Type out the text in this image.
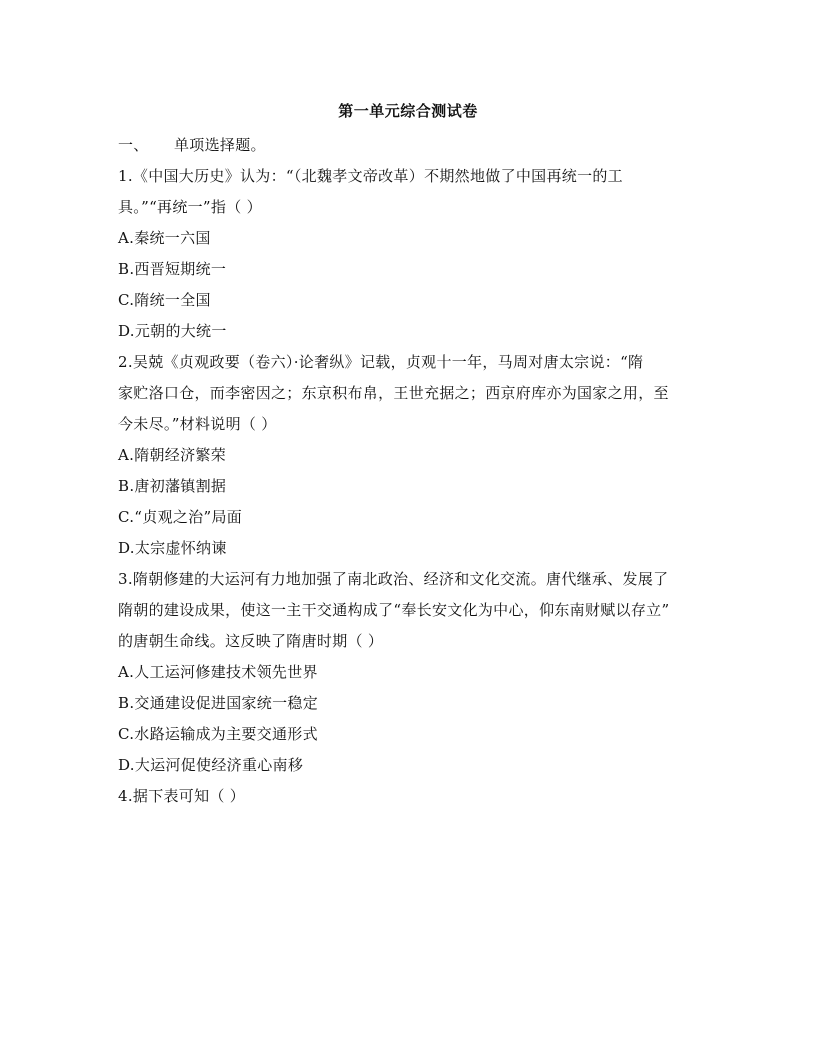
第一单元综合测试卷
一、 单项选择题。
1.《中国大历史》认为：“（北魏孝文帝改革）不期然地做了中国再统一的工
具。”“再统一”指（ ）
A.秦统一六国
B.西晋短期统一
C.隋统一全国
D.元朝的大统一
2.吴兢《贞观政要（卷六）·论奢纵》记载，贞观十一年，马周对唐太宗说：“隋
家贮洛口仓，而李密因之；东京积布帛，王世充据之；西京府库亦为国家之用，至
今未尽。”材料说明（ ）
A.隋朝经济繁荣
B.唐初藩镇割据
C.“贞观之治”局面
D.太宗虚怀纳谏
3.隋朝修建的大运河有力地加强了南北政治、经济和文化交流。唐代继承、发展了
隋朝的建设成果，使这一主干交通构成了“奉长安文化为中心，仰东南财赋以存立”
的唐朝生命线。这反映了隋唐时期（ ）
A.人工运河修建技术领先世界
B.交通建设促进国家统一稳定
C.水路运输成为主要交通形式
D.大运河促使经济重心南移
4.据下表可知（ ）
